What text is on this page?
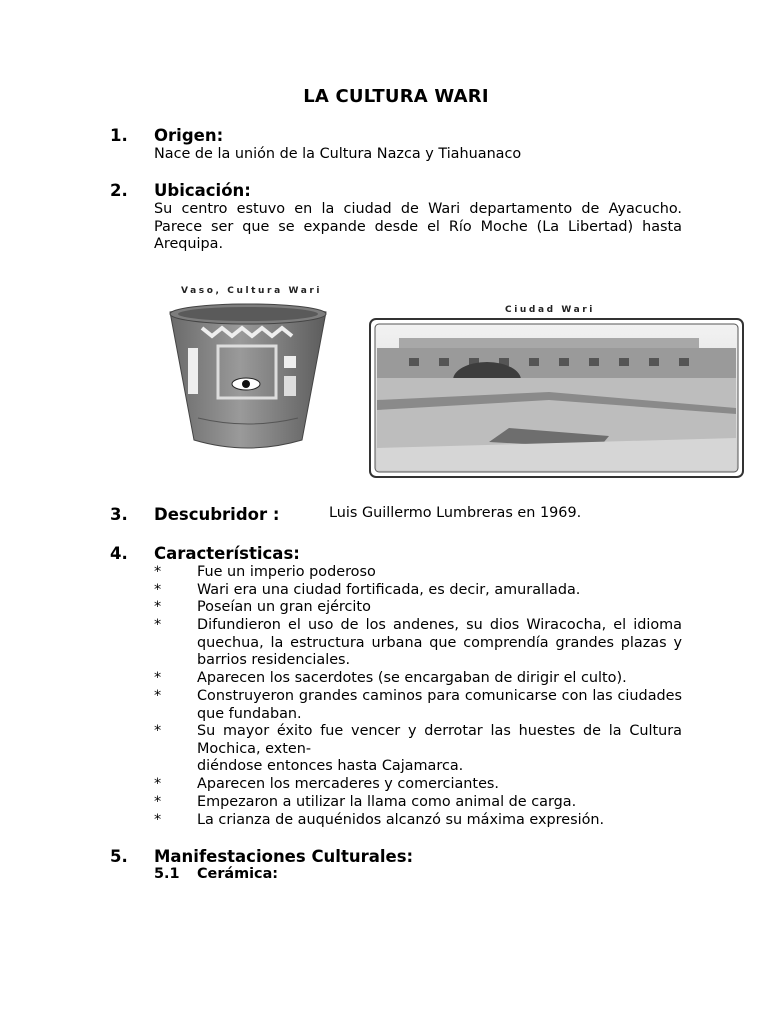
LA CULTURA WARI
1. Origen:
Nace de la unión de la Cultura Nazca y Tiahuanaco
2. Ubicación:
Su centro estuvo en la ciudad de Wari departamento de Ayacucho. Parece ser que se expande desde el Río Moche (La Libertad) hasta Arequipa.
Vaso, Cultura Wari
Ciudad Wari
3. Descubridor :	Luis Guillermo Lumbreras en 1969.
4. Características:
* Fue un imperio poderoso
* Wari era una ciudad fortificada, es decir, amurallada.
* Poseían un gran ejército
* Difundieron el uso de los andenes, su dios Wiracocha, el idioma quechua, la estructura urbana que comprendía grandes plazas y barrios residenciales.
* Aparecen los sacerdotes (se encargaban de dirigir el culto).
* Construyeron grandes caminos para comunicarse con las ciudades que fundaban.
* Su mayor éxito fue vencer y derrotar las huestes de la Cultura Mochica, exten-
diéndose entonces hasta Cajamarca.
* Aparecen los mercaderes y comerciantes.
* Empezaron a utilizar la llama como animal de carga.
* La crianza de auquénidos alcanzó su máxima expresión.
5. Manifestaciones Culturales:
5.1 Cerámica:
